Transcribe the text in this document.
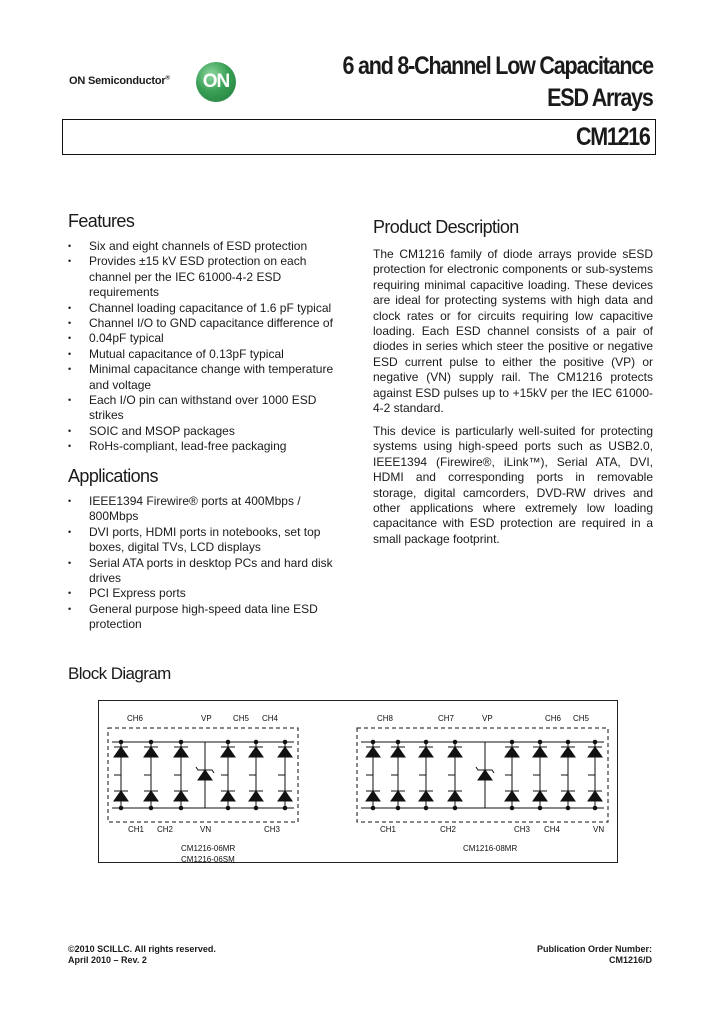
ON Semiconductor® ON
6 and 8-Channel Low Capacitance
ESD Arrays
CM1216
Features
• Six and eight channels of ESD protection
• Provides ±15 kV ESD protection on each channel per the IEC 61000-4-2 ESD requirements
• Channel loading capacitance of 1.6 pF typical
• Channel I/O to GND capacitance difference of
• 0.04pF typical
• Mutual capacitance of 0.13pF typical
• Minimal capacitance change with temperature and voltage
• Each I/O pin can withstand over 1000 ESD strikes
• SOIC and MSOP packages
• RoHs-compliant, lead-free packaging
Applications
• IEEE1394 Firewire® ports at 400Mbps / 800Mbps
• DVI ports, HDMI ports in notebooks, set top boxes, digital TVs, LCD displays
• Serial ATA ports in desktop PCs and hard disk drives
• PCI Express ports
• General purpose high-speed data line ESD protection
Product Description

The CM1216 family of diode arrays provide sESD protection for electronic components or sub-systems requiring minimal capacitive loading. These devices are ideal for protecting systems with high data and clock rates or for circuits requiring low capacitive loading. Each ESD channel consists of a pair of diodes in series which steer the positive or negative ESD current pulse to either the positive (VP) or negative (VN) supply rail. The CM1216 protects against ESD pulses up to +15kV per the IEC 61000-4-2 standard.

This device is particularly well-suited for protecting systems using high-speed ports such as USB2.0, IEEE1394 (Firewire®, iLink™), Serial ATA, DVI, HDMI and corresponding ports in removable storage, digital camcorders, DVD-RW drives and other applications where extremely low loading capacitance with ESD protection are required in a small package footprint.

Block Diagram
CH6	VP	CH5 CH4
CH1 CH2	VN	CH3
CM1216-06MR
CM1216-06SM
CH8	CH7	VP	CH6 CH5
CH1	CH2	CH3 CH4	VN
CM1216-08MR
©2010 SCILLC. All rights reserved.
April 2010 – Rev. 2
Publication Order Number:
CM1216/D
